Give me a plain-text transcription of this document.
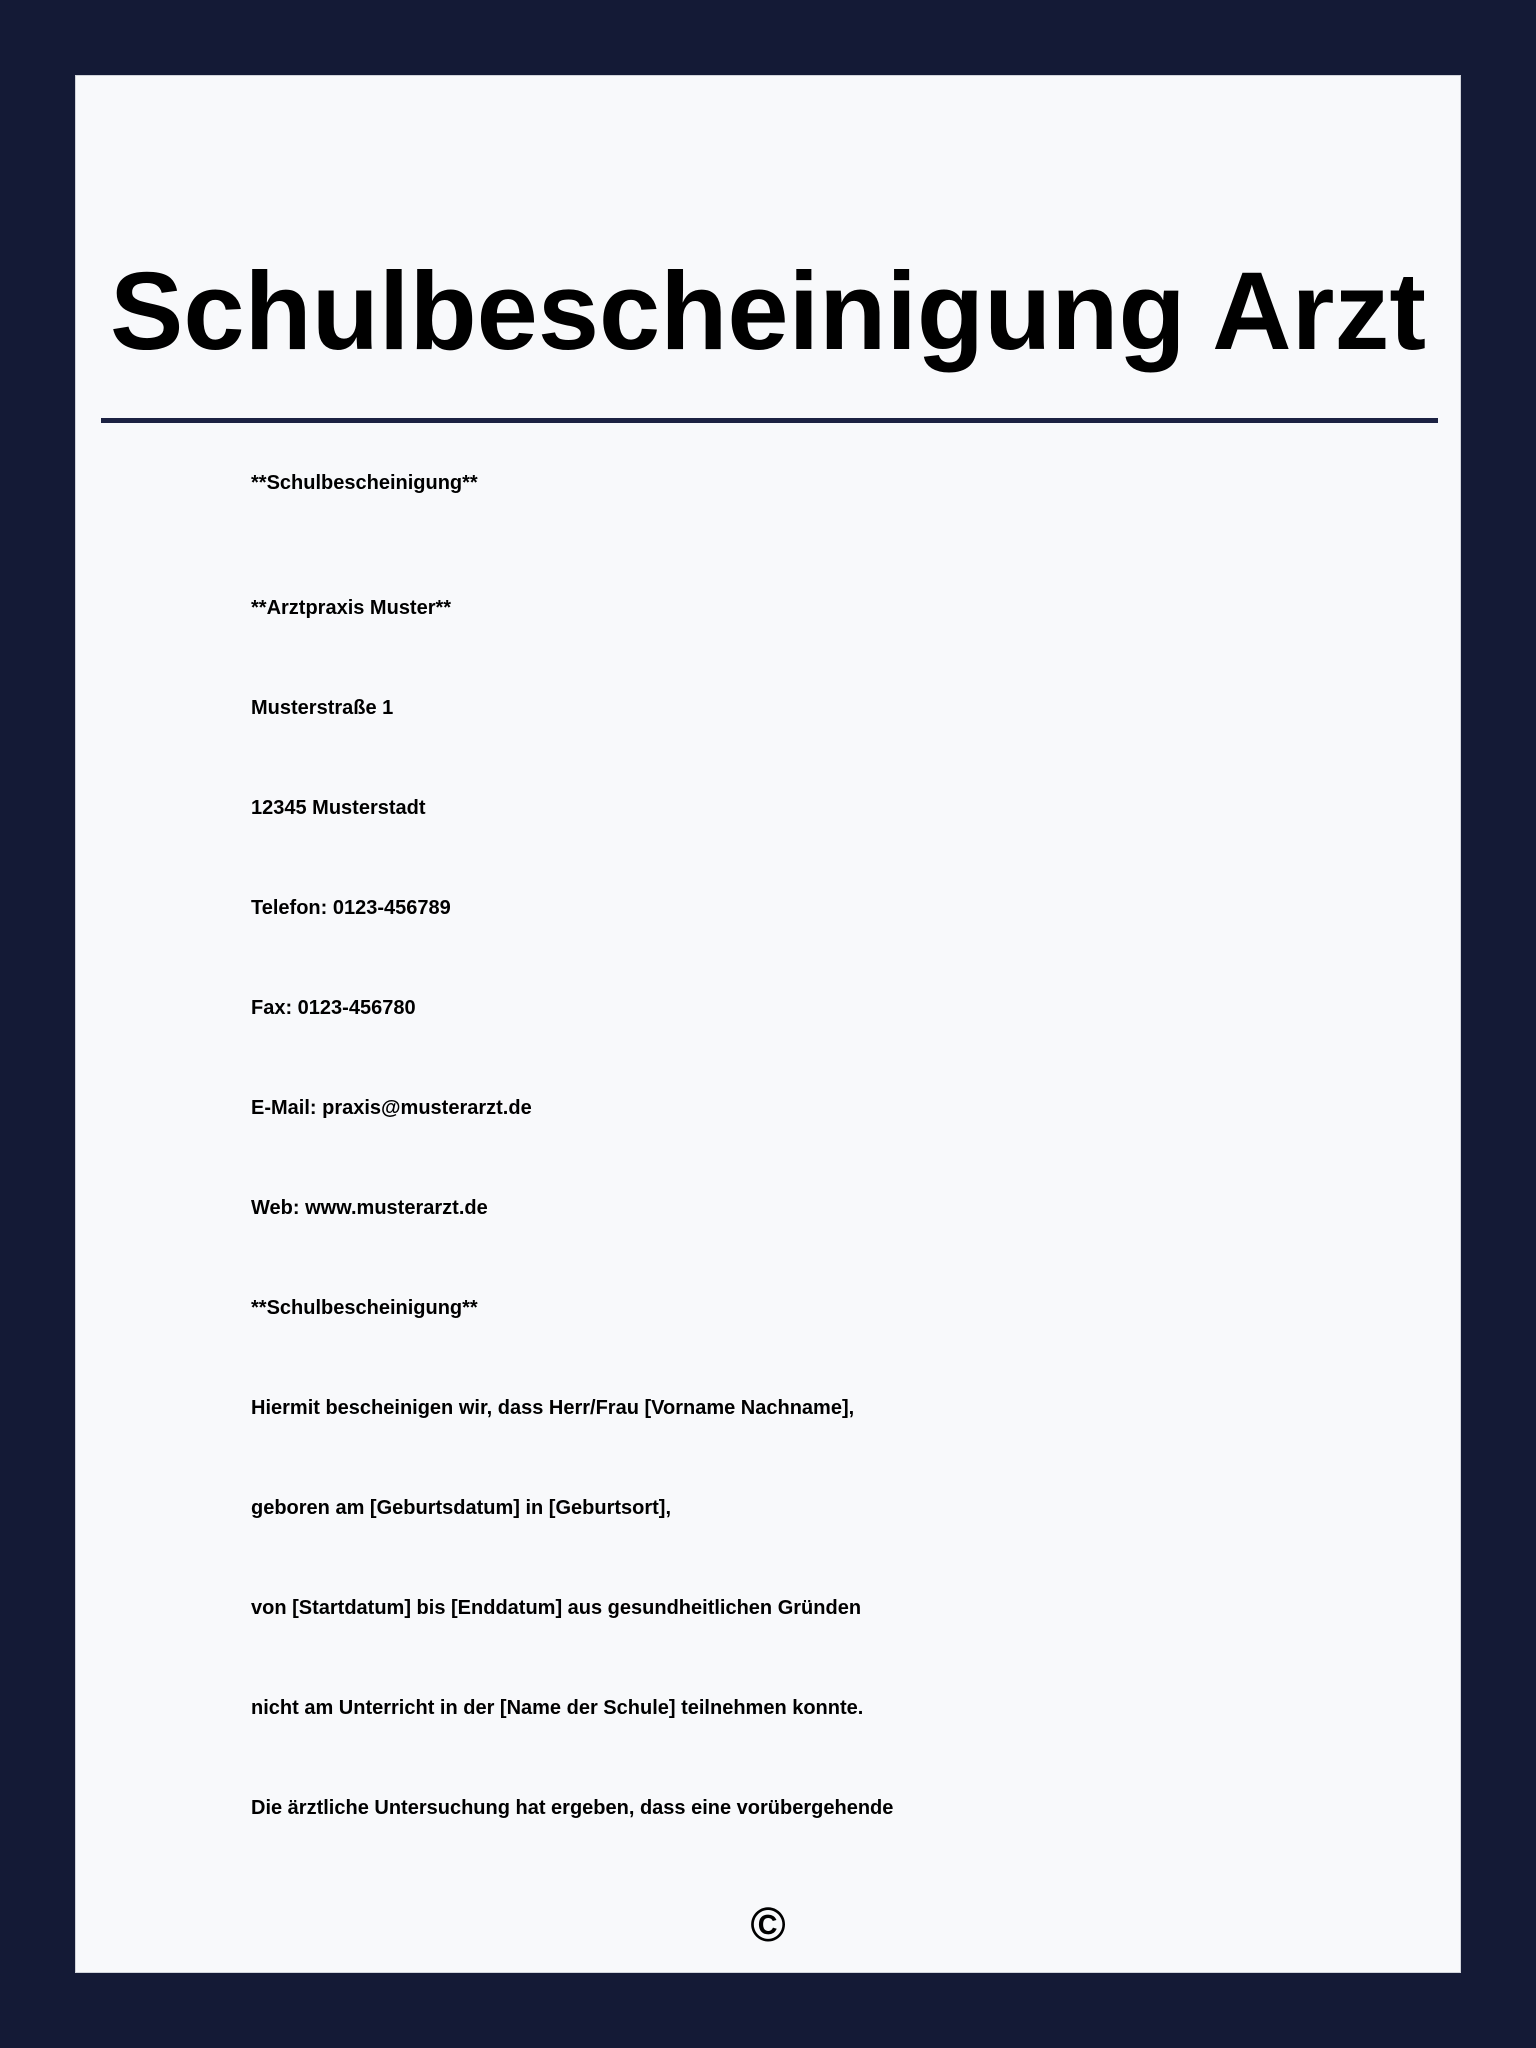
Schulbescheinigung Arzt

**Schulbescheinigung**

**Arztpraxis Muster**

Musterstraße 1

12345 Musterstadt

Telefon: 0123-456789

Fax: 0123-456780

E-Mail: praxis@musterarzt.de

Web: www.musterarzt.de

**Schulbescheinigung**

Hiermit bescheinigen wir, dass Herr/Frau [Vorname Nachname],

geboren am [Geburtsdatum] in [Geburtsort],

von [Startdatum] bis [Enddatum] aus gesundheitlichen Gründen

nicht am Unterricht in der [Name der Schule] teilnehmen konnte.

Die ärztliche Untersuchung hat ergeben, dass eine vorübergehende

©
